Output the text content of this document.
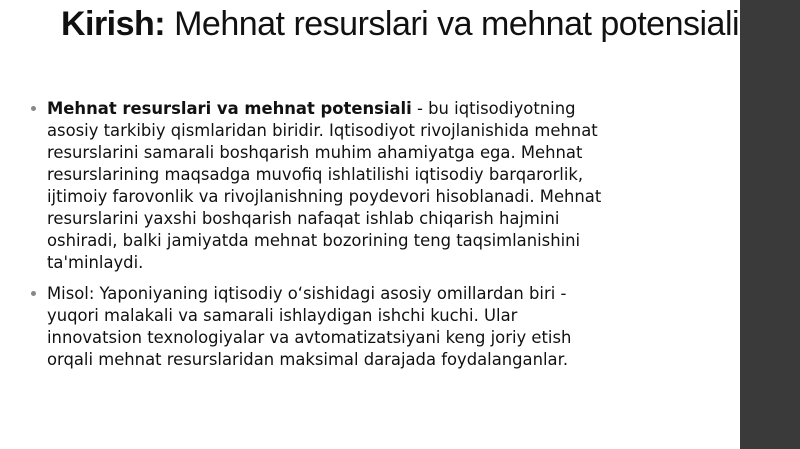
Kirish: Mehnat resurslari va mehnat potensiali
Mehnat resurslari va mehnat potensiali - bu iqtisodiyotning asosiy tarkibiy qismlaridan biridir. Iqtisodiyot rivojlanishida mehnat resurslarini samarali boshqarish muhim ahamiyatga ega. Mehnat resurslarining maqsadga muvofiq ishlatilishi iqtisodiy barqarorlik, ijtimoiy farovonlik va rivojlanishning poydevori hisoblanadi. Mehnat resurslarini yaxshi boshqarish nafaqat ishlab chiqarish hajmini oshiradi, balki jamiyatda mehnat bozorining teng taqsimlanishini ta'minlaydi.
Misol: Yaponiyaning iqtisodiy o‘sishidagi asosiy omillardan biri - yuqori malakali va samarali ishlaydigan ishchi kuchi. Ular innovatsion texnologiyalar va avtomatizatsiyani keng joriy etish orqali mehnat resurslaridan maksimal darajada foydalanganlar.
